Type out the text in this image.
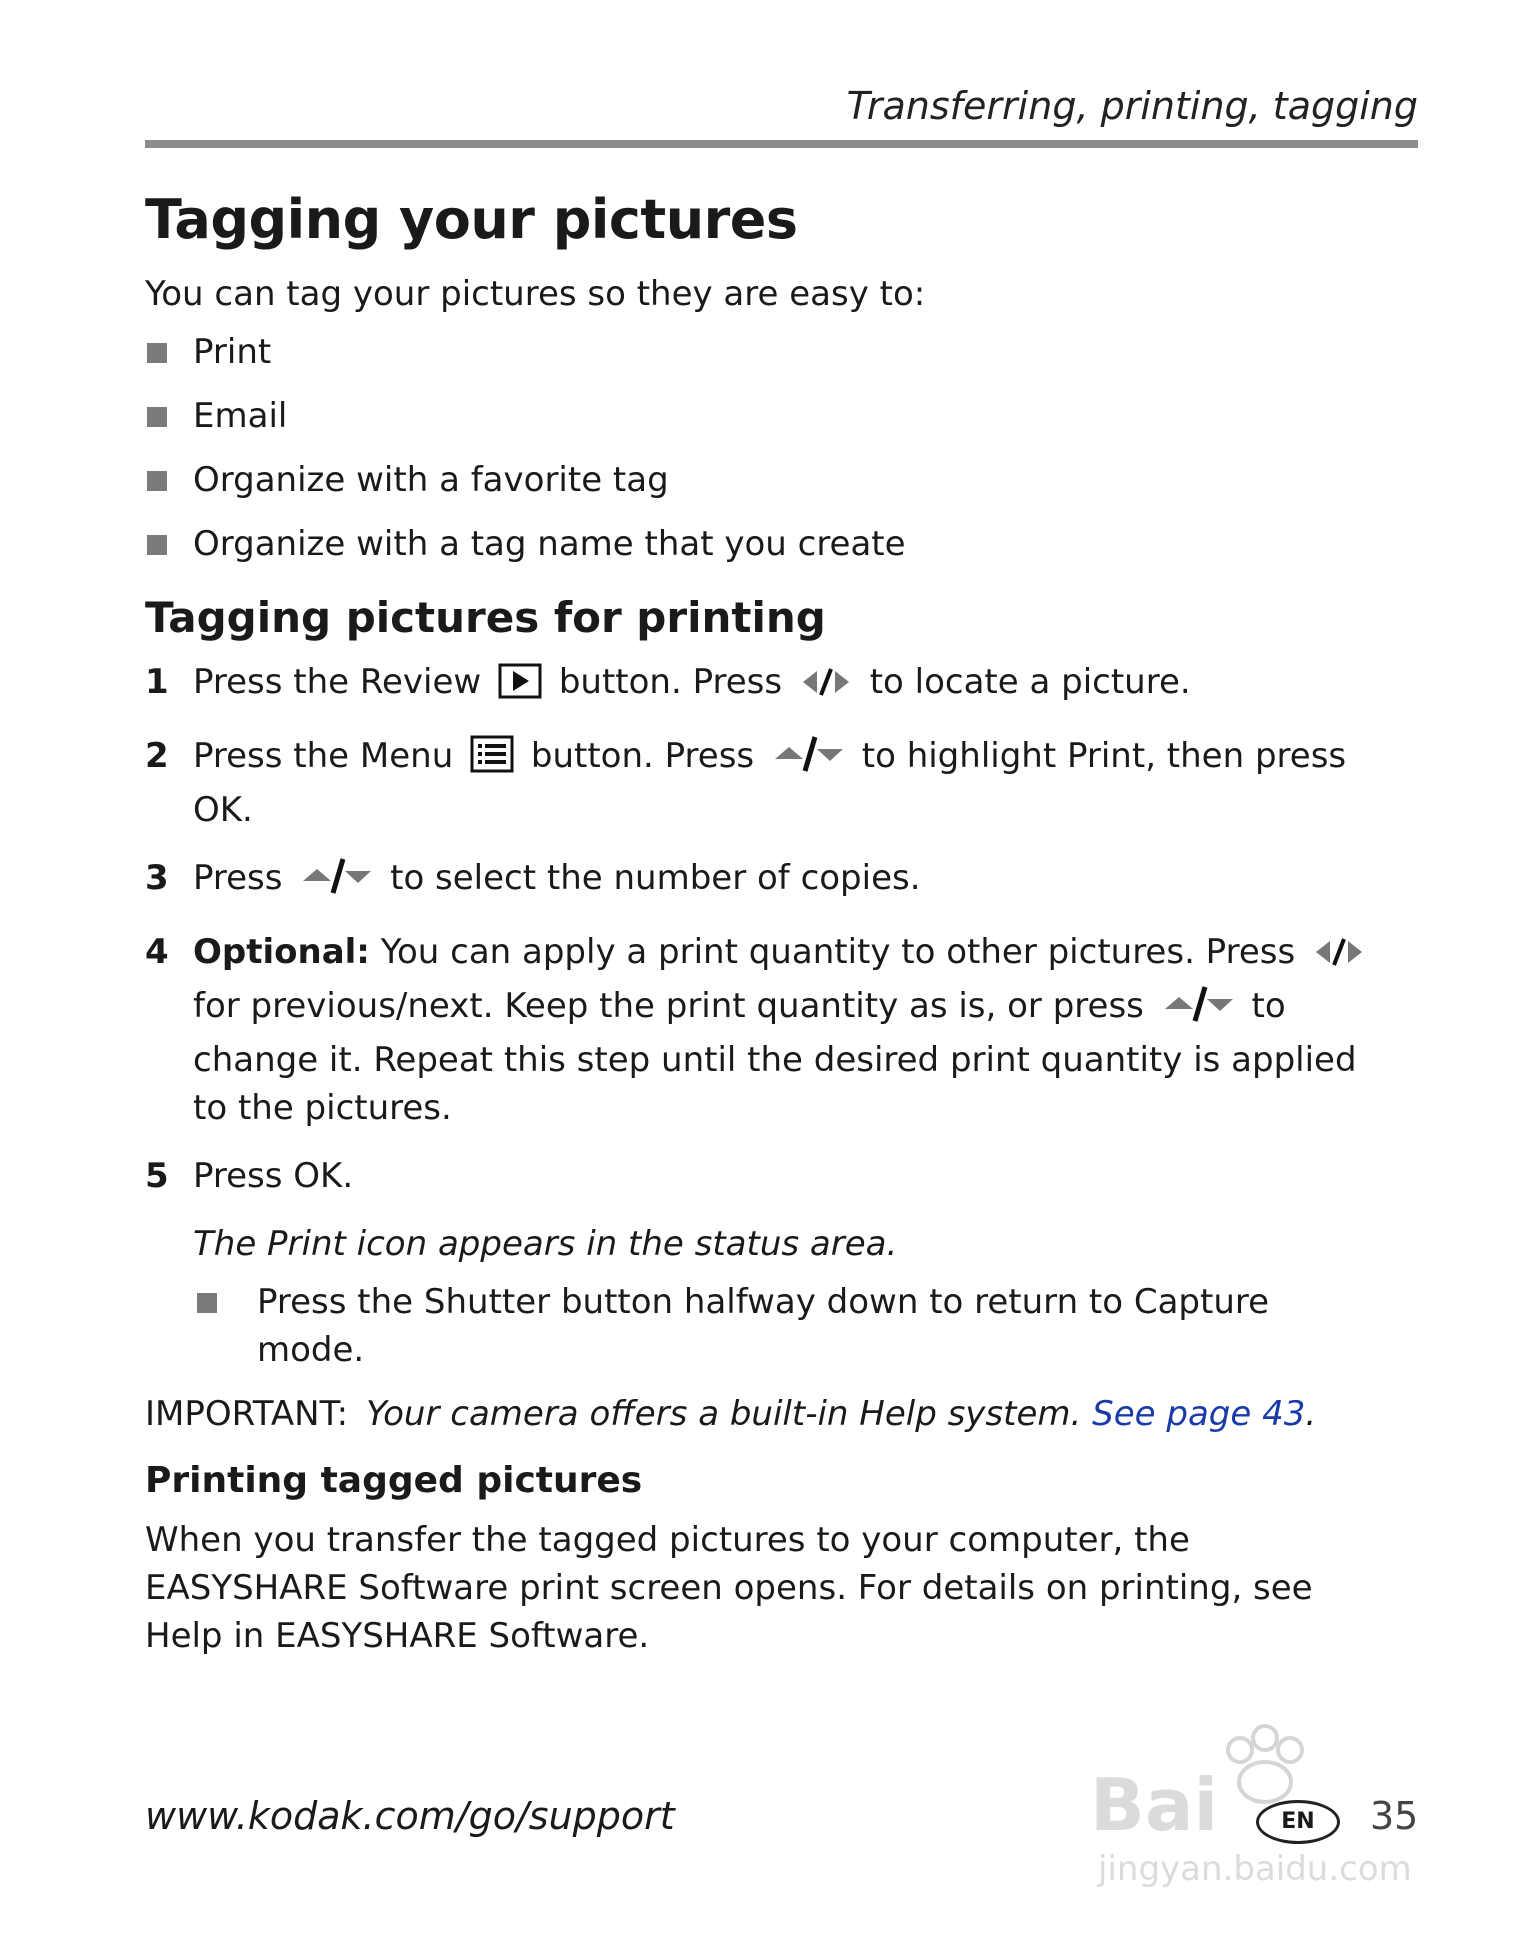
Transferring, printing, tagging
Tagging your pictures
You can tag your pictures so they are easy to:
Print
Email
Organize with a favorite tag
Organize with a tag name that you create
Tagging pictures for printing
1 Press the Review button. Press	to locate a picture.
2 Press the Menu button. Press	to highlight Print, then press OK.
3 Press	to select the number of copies.
4 Optional: You can apply a print quantity to other pictures. Press  for previous/next. Keep the print quantity as is, or press	to change it. Repeat this step until the desired print quantity is applied to the pictures.
5 Press OK.
The Print icon appears in the status area.
Press the Shutter button halfway down to return to Capture mode.
IMPORTANT: Your camera offers a built-in Help system. See page 43.
Printing tagged pictures
When you transfer the tagged pictures to your computer, the EASYSHARE Software print screen opens. For details on printing, see Help in EASYSHARE Software.
www.kodak.com/go/support	EN	35
Bai
jingyan.baidu.com
